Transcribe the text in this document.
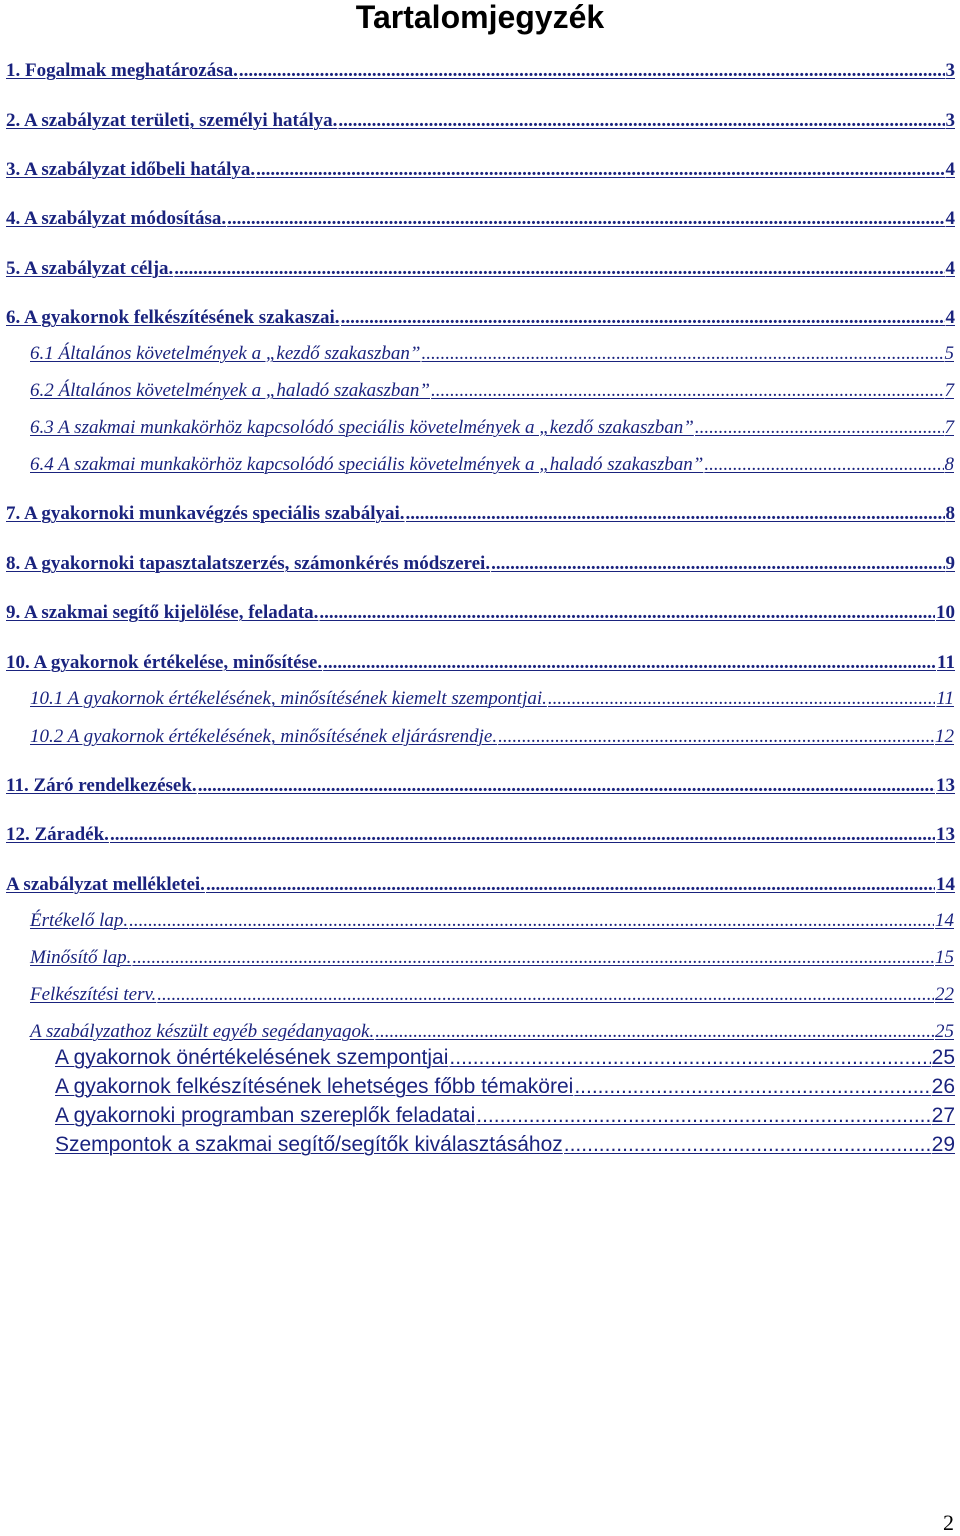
Tartalomjegyzék
1. Fogalmak meghatározása. .....	3
2. A szabályzat területi, személyi hatálya. .....	3
3. A szabályzat időbeli hatálya. .....	4
4. A szabályzat módosítása. .....	4
5. A szabályzat célja. .....	4
6. A gyakornok felkészítésének szakaszai. .....	4
6.1 Általános követelmények a „kezdő szakaszban” .....	5
6.2 Általános követelmények a „haladó szakaszban” .....	7
6.3 A szakmai munkakörhöz kapcsolódó speciális követelmények a „kezdő szakaszban” .....	7
6.4 A szakmai munkakörhöz kapcsolódó speciális követelmények a „haladó szakaszban” .....	8
7. A gyakornoki munkavégzés speciális szabályai. .....	8
8. A gyakornoki tapasztalatszerzés, számonkérés módszerei. .....	9
9. A szakmai segítő kijelölése, feladata. .....	10
10. A gyakornok értékelése, minősítése. .....	11
10.1 A gyakornok értékelésének, minősítésének kiemelt szempontjai. .....	11
10.2 A gyakornok értékelésének, minősítésének eljárásrendje. .....	12
11. Záró rendelkezések. .....	13
12. Záradék. .....	13
A szabályzat mellékletei. .....	14
Értékelő lap. .....	14
Minősítő lap. .....	15
Felkészítési terv. .....	22
A szabályzathoz készült egyéb segédanyagok. .....	25
A gyakornok önértékelésének szempontjai .....	25
A gyakornok felkészítésének lehetséges főbb témakörei .....	26
A gyakornoki programban szereplők feladatai .....	27
Szempontok a szakmai segítő/segítők kiválasztásához .....	29
2
